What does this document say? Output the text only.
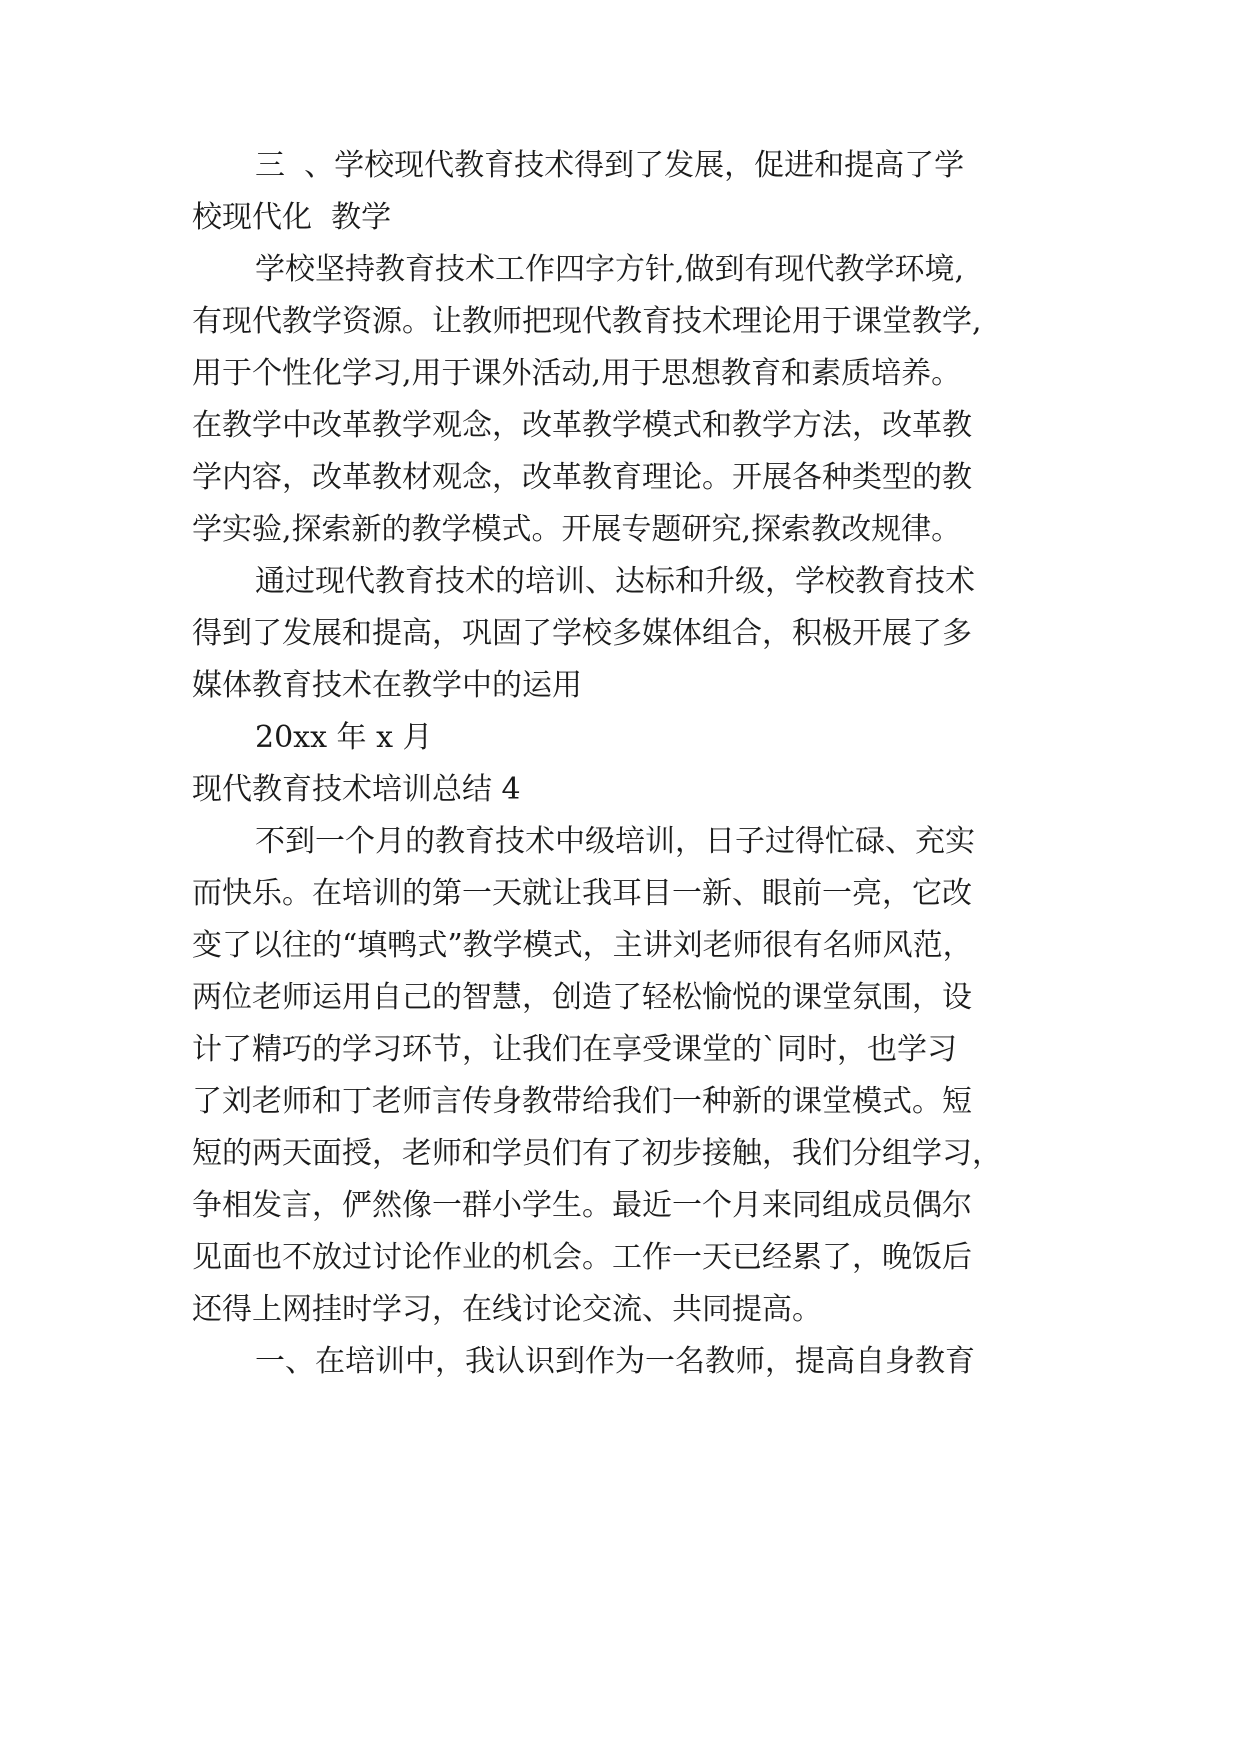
三  、学校现代教育技术得到了发展，促进和提高了学
校现代化  教学
学校坚持教育技术工作四字方针,做到有现代教学环境,
有现代教学资源。让教师把现代教育技术理论用于课堂教学,
用于个性化学习,用于课外活动,用于思想教育和素质培养。
在教学中改革教学观念，改革教学模式和教学方法，改革教
学内容，改革教材观念，改革教育理论。开展各种类型的教
学实验,探索新的教学模式。开展专题研究,探索教改规律。
通过现代教育技术的培训、达标和升级，学校教育技术
得到了发展和提高，巩固了学校多媒体组合，积极开展了多
媒体教育技术在教学中的运用
20xx 年 x 月
现代教育技术培训总结 4
不到一个月的教育技术中级培训，日子过得忙碌、充实
而快乐。在培训的第一天就让我耳目一新、眼前一亮，它改
变了以往的“填鸭式”教学模式，主讲刘老师很有名师风范，
两位老师运用自己的智慧，创造了轻松愉悦的课堂氛围，设
计了精巧的学习环节，让我们在享受课堂的`同时，也学习
了刘老师和丁老师言传身教带给我们一种新的课堂模式。短
短的两天面授，老师和学员们有了初步接触，我们分组学习，
争相发言，俨然像一群小学生。最近一个月来同组成员偶尔
见面也不放过讨论作业的机会。工作一天已经累了，晚饭后
还得上网挂时学习，在线讨论交流、共同提高。
一、在培训中，我认识到作为一名教师，提高自身教育
